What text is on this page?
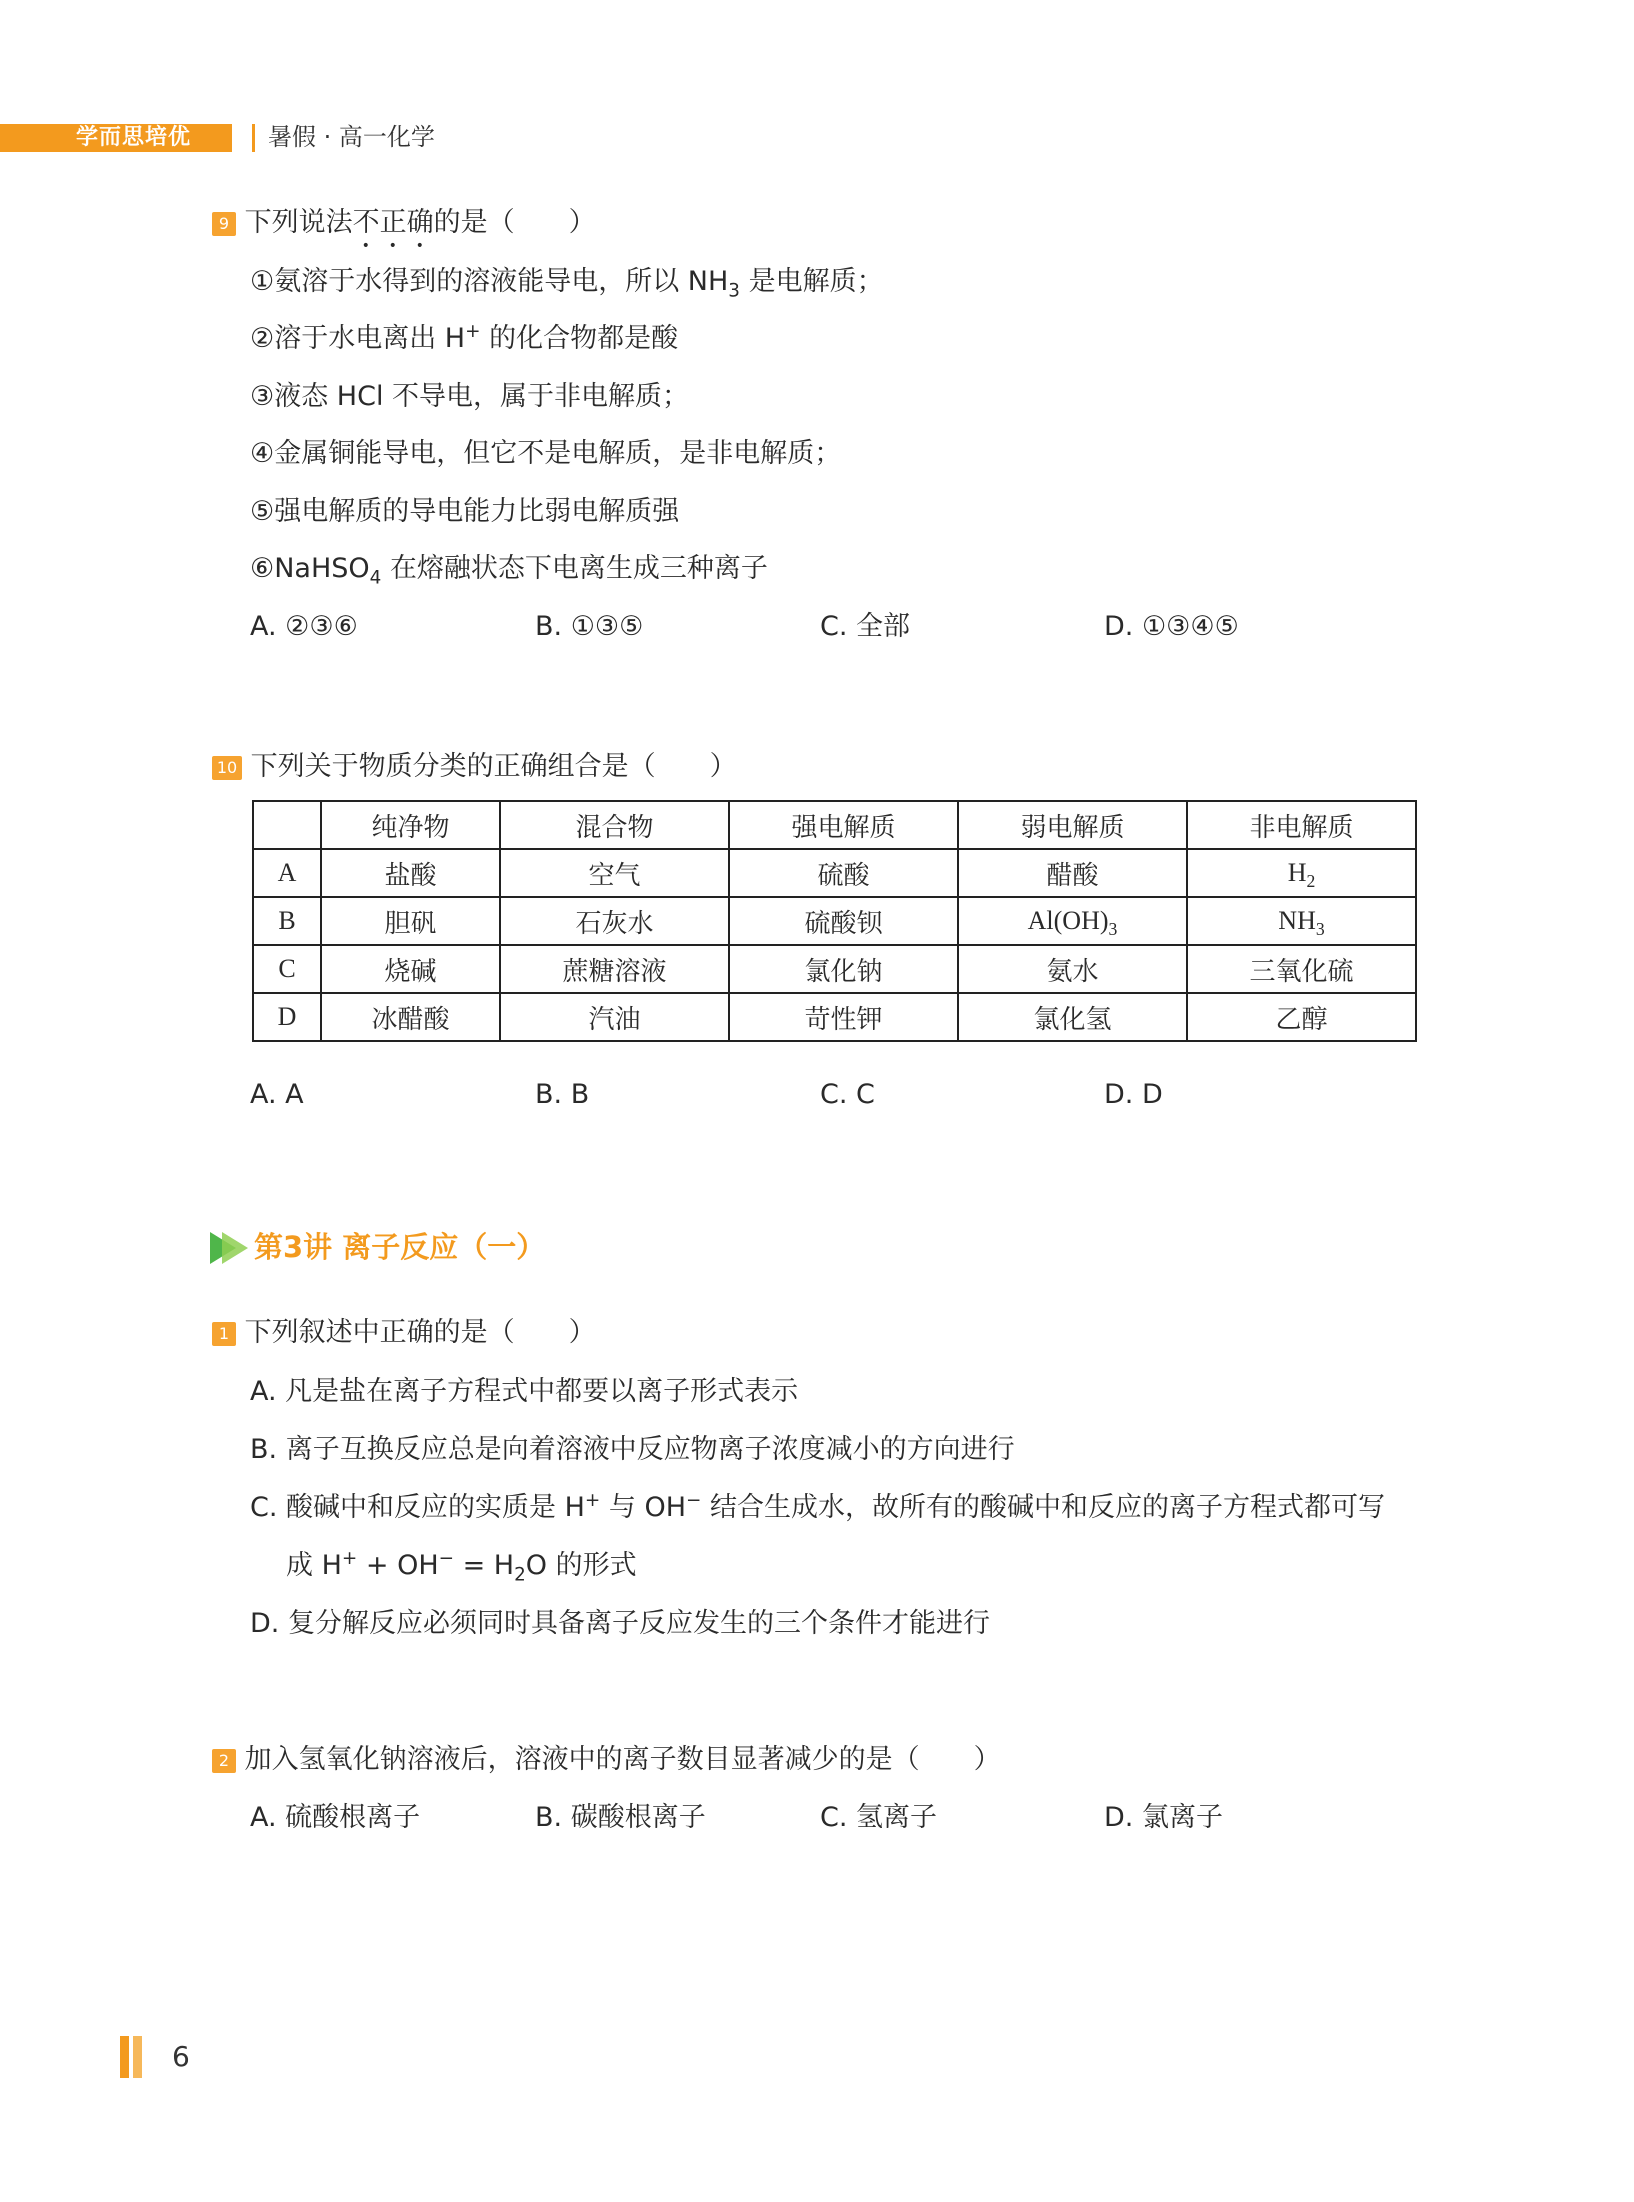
学而思培优	暑假 · 高一化学
9 下列说法不正确的是（　　）
①氨溶于水得到的溶液能导电，所以 $NH_3$ 是电解质；
②溶于水电离出 H+ 的化合物都是酸
③液态 HCl 不导电，属于非电解质；
④金属铜能导电，但它不是电解质，是非电解质；
⑤强电解质的导电能力比弱电解质强
⑥NaHSO$_4$ 在熔融状态下电离生成三种离子
A. ②③⑥	B. ①③⑤	C. 全部	D. ①③④⑤
10 下列关于物质分类的正确组合是（　　）
	纯净物	混合物	强电解质	弱电解质	非电解质
A	盐酸	空气	硫酸	醋酸	$H_2$
B	胆矾	石灰水	硫酸钡	$Al(OH)_3$	$NH_3$
C	烧碱	蔗糖溶液	氯化钠	氨水	三氧化硫
D	冰醋酸	汽油	苛性钾	氯化氢	乙醇
A. A	B. B	C. C	D. D
第3讲 离子反应（一）
1 下列叙述中正确的是（　　）
A. 凡是盐在离子方程式中都要以离子形式表示
B. 离子互换反应总是向着溶液中反应物离子浓度减小的方向进行
C. 酸碱中和反应的实质是 H+ 与 OH− 结合生成水，故所有的酸碱中和反应的离子方程式都可写
成 $H^+ + OH^- = H_2O$ 的形式
D. 复分解反应必须同时具备离子反应发生的三个条件才能进行
2 加入氢氧化钠溶液后，溶液中的离子数目显著减少的是（　　）
A. 硫酸根离子	B. 碳酸根离子	C. 氢离子	D. 氯离子
6
